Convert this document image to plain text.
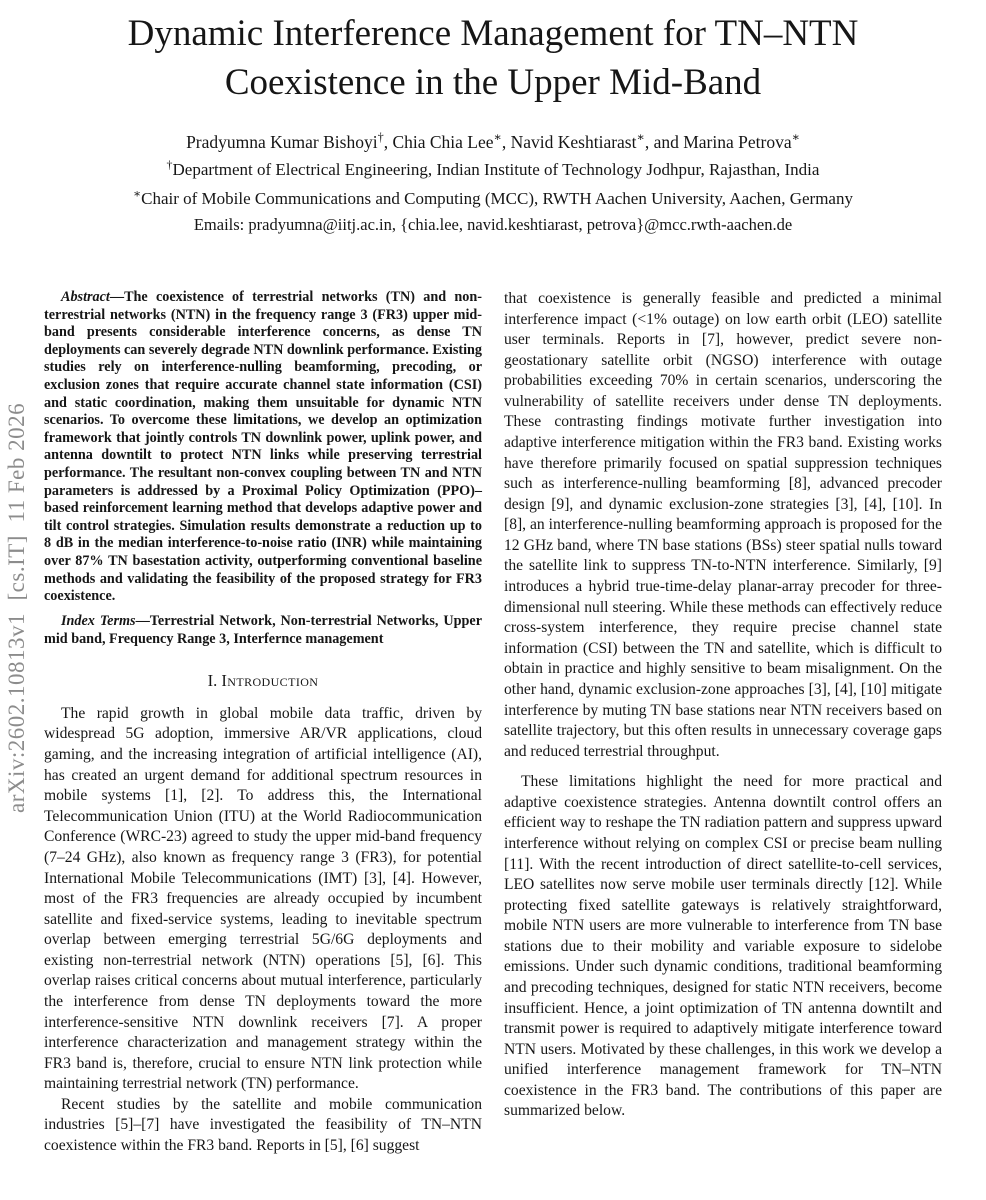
arXiv:2602.10813v1  [cs.IT]  11 Feb 2026
Dynamic Interference Management for TN–NTN Coexistence in the Upper Mid-Band
Pradyumna Kumar Bishoyi†, Chia Chia Lee∗, Navid Keshtiarast∗, and Marina Petrova∗
†Department of Electrical Engineering, Indian Institute of Technology Jodhpur, Rajasthan, India
∗Chair of Mobile Communications and Computing (MCC), RWTH Aachen University, Aachen, Germany
Emails: pradyumna@iitj.ac.in, {chia.lee, navid.keshtiarast, petrova}@mcc.rwth-aachen.de

Abstract—The coexistence of terrestrial networks (TN) and non-terrestrial networks (NTN) in the frequency range 3 (FR3) upper mid-band presents considerable interference concerns, as dense TN deployments can severely degrade NTN downlink performance. Existing studies rely on interference-nulling beamforming, precoding, or exclusion zones that require accurate channel state information (CSI) and static coordination, making them unsuitable for dynamic NTN scenarios. To overcome these limitations, we develop an optimization framework that jointly controls TN downlink power, uplink power, and antenna downtilt to protect NTN links while preserving terrestrial performance. The resultant non-convex coupling between TN and NTN parameters is addressed by a Proximal Policy Optimization (PPO)–based reinforcement learning method that develops adaptive power and tilt control strategies. Simulation results demonstrate a reduction up to 8 dB in the median interference-to-noise ratio (INR) while maintaining over 87% TN basestation activity, outperforming conventional baseline methods and validating the feasibility of the proposed strategy for FR3 coexistence.

Index Terms—Terrestrial Network, Non-terrestrial Networks, Upper mid band, Frequency Range 3, Interfernce management

I. Introduction

The rapid growth in global mobile data traffic, driven by widespread 5G adoption, immersive AR/VR applications, cloud gaming, and the increasing integration of artificial intelligence (AI), has created an urgent demand for additional spectrum resources in mobile systems [1], [2]. To address this, the International Telecommunication Union (ITU) at the World Radiocommunication Conference (WRC-23) agreed to study the upper mid-band frequency (7–24 GHz), also known as frequency range 3 (FR3), for potential International Mobile Telecommunications (IMT) [3], [4]. However, most of the FR3 frequencies are already occupied by incumbent satellite and fixed-service systems, leading to inevitable spectrum overlap between emerging terrestrial 5G/6G deployments and existing non-terrestrial network (NTN) operations [5], [6]. This overlap raises critical concerns about mutual interference, particularly the interference from dense TN deployments toward the more interference-sensitive NTN downlink receivers [7]. A proper interference characterization and management strategy within the FR3 band is, therefore, crucial to ensure NTN link protection while maintaining terrestrial network (TN) performance.

Recent studies by the satellite and mobile communication industries [5]–[7] have investigated the feasibility of TN–NTN coexistence within the FR3 band. Reports in [5], [6] suggest

that coexistence is generally feasible and predicted a minimal interference impact (<1% outage) on low earth orbit (LEO) satellite user terminals. Reports in [7], however, predict severe non-geostationary satellite orbit (NGSO) interference with outage probabilities exceeding 70% in certain scenarios, underscoring the vulnerability of satellite receivers under dense TN deployments. These contrasting findings motivate further investigation into adaptive interference mitigation within the FR3 band. Existing works have therefore primarily focused on spatial suppression techniques such as interference-nulling beamforming [8], advanced precoder design [9], and dynamic exclusion-zone strategies [3], [4], [10]. In [8], an interference-nulling beamforming approach is proposed for the 12 GHz band, where TN base stations (BSs) steer spatial nulls toward the satellite link to suppress TN-to-NTN interference. Similarly, [9] introduces a hybrid true-time-delay planar-array precoder for three-dimensional null steering. While these methods can effectively reduce cross-system interference, they require precise channel state information (CSI) between the TN and satellite, which is difficult to obtain in practice and highly sensitive to beam misalignment. On the other hand, dynamic exclusion-zone approaches [3], [4], [10] mitigate interference by muting TN base stations near NTN receivers based on satellite trajectory, but this often results in unnecessary coverage gaps and reduced terrestrial throughput.

These limitations highlight the need for more practical and adaptive coexistence strategies. Antenna downtilt control offers an efficient way to reshape the TN radiation pattern and suppress upward interference without relying on complex CSI or precise beam nulling [11]. With the recent introduction of direct satellite-to-cell services, LEO satellites now serve mobile user terminals directly [12]. While protecting fixed satellite gateways is relatively straightforward, mobile NTN users are more vulnerable to interference from TN base stations due to their mobility and variable exposure to sidelobe emissions. Under such dynamic conditions, traditional beamforming and precoding techniques, designed for static NTN receivers, become insufficient. Hence, a joint optimization of TN antenna downtilt and transmit power is required to adaptively mitigate interference toward NTN users. Motivated by these challenges, in this work we develop a unified interference management framework for TN–NTN coexistence in the FR3 band. The contributions of this paper are summarized below.
